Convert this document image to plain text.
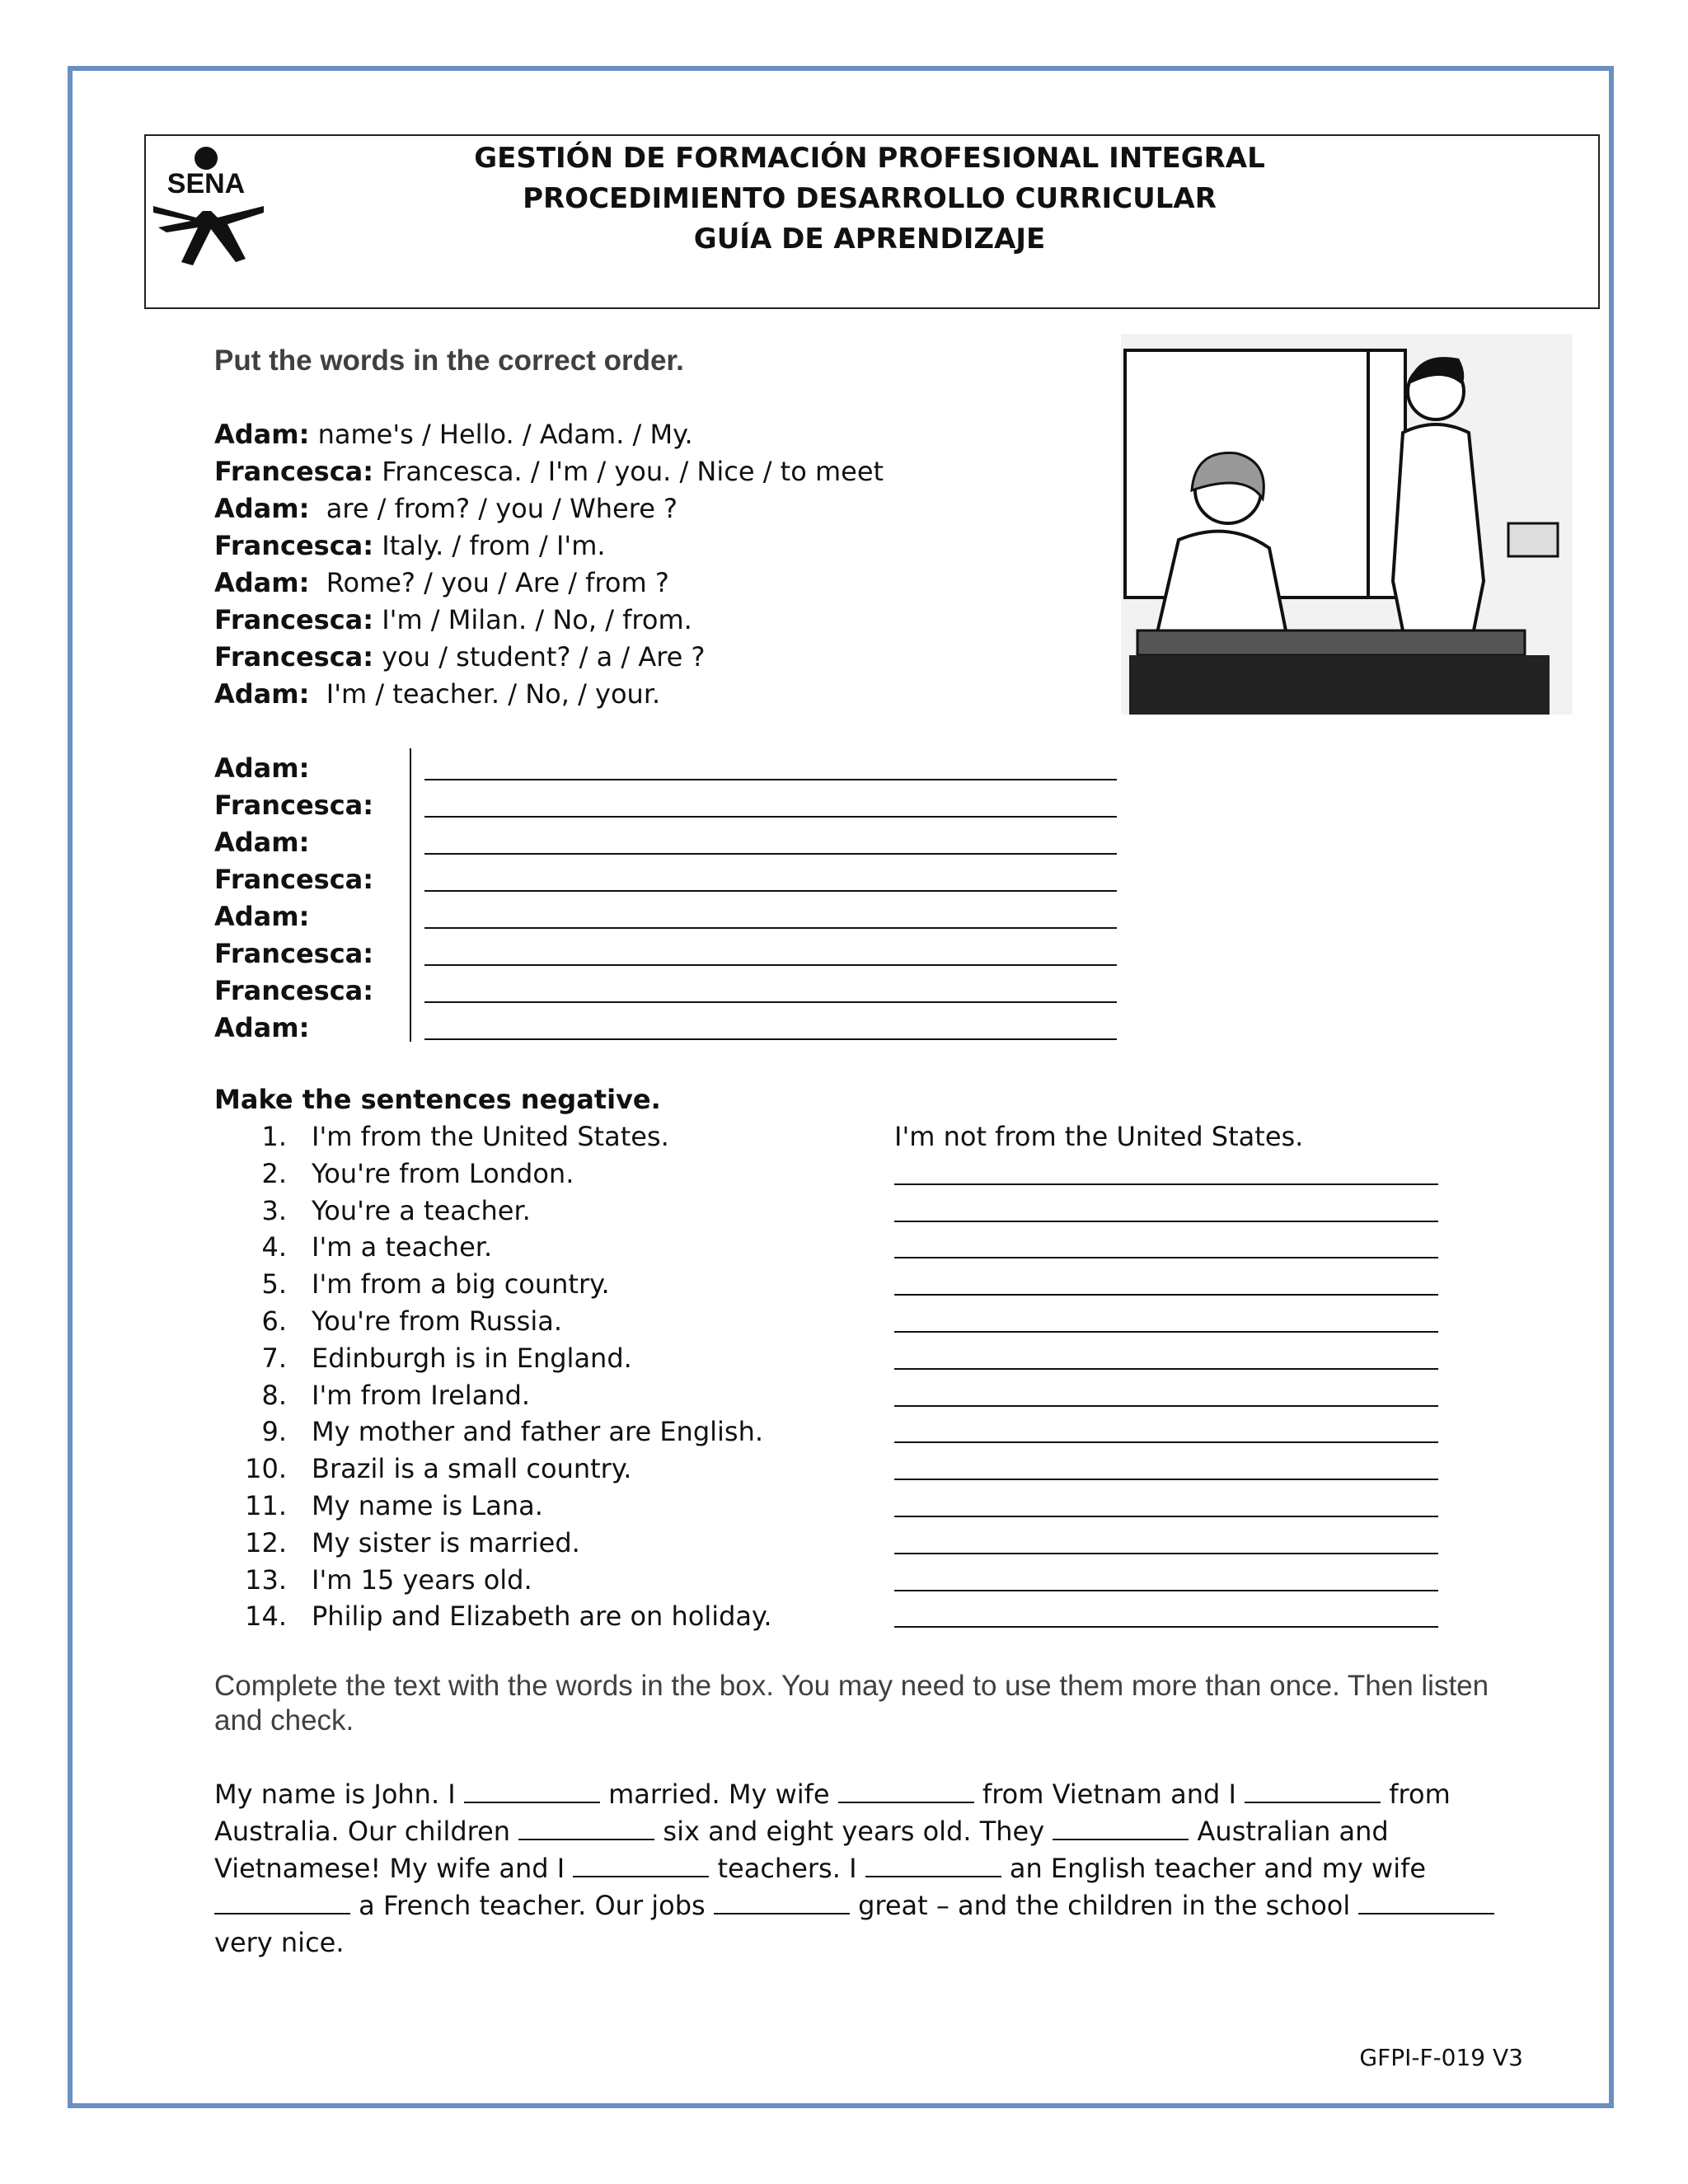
SENA
GESTIÓN DE FORMACIÓN PROFESIONAL INTEGRAL
PROCEDIMIENTO DESARROLLO CURRICULAR
GUÍA DE APRENDIZAJE
Put the words in the correct order.
Adam: name's / Hello. / Adam. / My.
Francesca: Francesca. / I'm / you. / Nice / to meet
Adam:  are / from? / you / Where ?
Francesca: Italy. / from / I'm.
Adam:  Rome? / you / Are / from ?
Francesca: I'm / Milan. / No, / from.
Francesca: you / student? / a / Are ?
Adam:  I'm / teacher. / No, / your.
Adam:
Francesca:
Adam:
Francesca:
Adam:
Francesca:
Francesca:
Adam:
Make the sentences negative.
1. I'm from the United States.	I'm not from the United States.
2. You're from London.
3. You're a teacher.
4. I'm a teacher.
5. I'm from a big country.
6. You're from Russia.
7. Edinburgh is in England.
8. I'm from Ireland.
9. My mother and father are English.
10. Brazil is a small country.
11. My name is Lana.
12. My sister is married.
13. I'm 15 years old.
14. Philip and Elizabeth are on holiday.
Complete the text with the words in the box. You may need to use them more than once. Then listen and check.
My name is John. I	married. My wife	from Vietnam and I	from Australia. Our children	six and eight years old. They	Australian and Vietnamese! My wife and I	teachers. I	an English teacher and my wife  a French teacher. Our jobs	great – and the children in the school  very nice.
GFPI-F-019 V3
